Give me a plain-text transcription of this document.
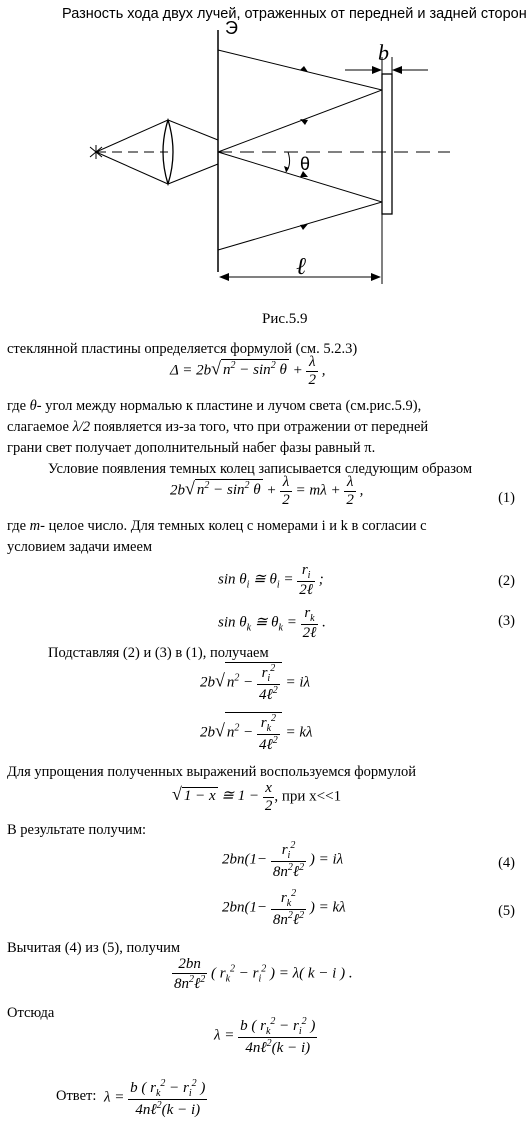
Разность хода двух лучей, отраженных от передней и задней сторон
Э
b
θ
ℓ
Рис.5.9
стеклянной пластины определяется формулой (см. 5.2.3)
Δ = 2b√ $n^2 - \sin^2 \theta + \frac{\lambda}{2}$ ,
где θ- угол между нормалью к пластине и лучом света (см.рис.5.9),
слагаемое λ/2 появляется из-за того, что при отражении от передней
грани свет получает дополнительный набег фазы равный π.
Условие появления темных колец записывается следующим образом
2b√ $n^2 - \sin^2 \theta + \frac{\lambda}{2} = m\lambda + \frac{\lambda}{2}$ ,	(1)
где m- целое число. Для темных колец с номерами i и k в согласии с
условием задачи имеем
$\sin \theta_i$ ≅ $\theta_i = \frac{r_i}{\text{2ℓ}}$ ;	(2)
$\sin \theta_k$ ≅ $\theta_k = \frac{r_k}{\text{2ℓ}}$ .	(3)
Подставляя (2) и (3) в (1), получаем
2b√ $n^2 - \frac{r_i^2}{4\ell^2} = i\lambda$
2b√ $n^2 - \frac{r_k^2}{4\ell^2} = k\lambda$
Для упрощения полученных выражений воспользуемся формулой
√ 1 − x ≅ $1 - \frac{x}{2}$ , при x<<1
В результате получим:
$2bn(1- \frac{r_i^2}{8n^2\ell^2}$ ) = iλ	(4)
$2bn(1- \frac{r_k^2}{8n^2\ell^2}$ ) = kλ	(5)
Вычитая (4) из (5), получим
$\frac{2bn}{8n^2\ell^2}$ ( $r_k^2 - r_i^2$ ) = λ( k − i ) .
Отсюда
$\lambda = \frac{b ( r_k^2 - r_i^2 )}{4n\ell^2(k - i)}$
Ответ: $\lambda = \frac{b ( r_k^2 - r_i^2 )}{4n\ell^2(k - i)}$
